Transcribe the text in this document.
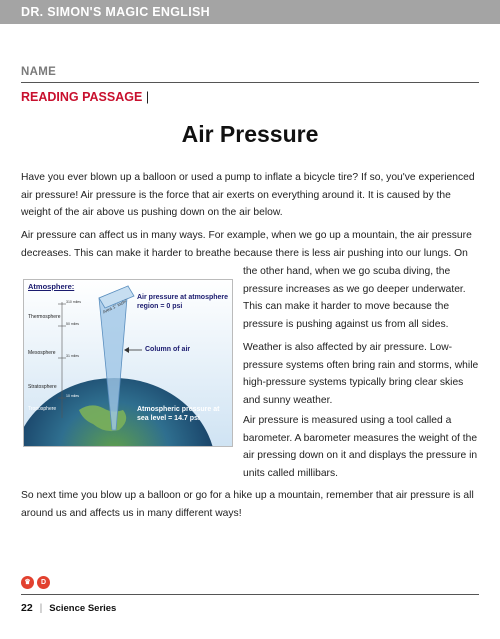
DR. SIMON'S MAGIC ENGLISH
NAME
READING PASSAGE |
Air Pressure

Have you ever blown up a balloon or used a pump to inflate a bicycle tire? If so, you've experienced air pressure! Air pressure is the force that air exerts on everything around it. It is caused by the weight of the air above us pushing down on the air below.

Air pressure can affect us in many ways. For example, when we go up a mountain, the air pressure decreases. This can make it harder to breathe because there is less air pushing into our lungs. On

the other hand, when we go scuba diving, the pressure increases as we go deeper underwater. This can make it harder to move because the pressure is pushing against us from all sides.

Weather is also affected by air pressure. Low-pressure systems often bring rain and storms, while high-pressure systems typically bring clear skies and sunny weather.

Air pressure is measured using a tool called a barometer. A barometer measures the weight of the air pressing down on it and displays the pressure in units called millibars.

So next time you blow up a balloon or go for a hike up a mountain, remember that air pressure is all around us and affects us in many different ways!

Atmosphere:
Thermosphere
Mesosphere
Stratosphere
Troposphere
310 miles
50 miles
31 miles
10 miles
Area 1" inch²
Air pressure at atmosphere region = 0 psi
Column of air
Atmospheric pressure at sea level = 14.7 psi
♛	D
22 | Science Series
